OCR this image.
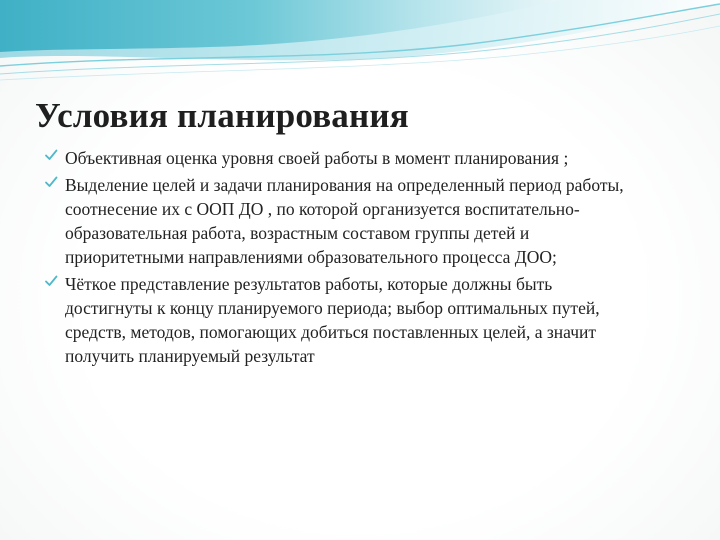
Условия планирования
Объективная оценка уровня своей работы в момент планирования ;
Выделение целей и задачи планирования на определенный период работы, соотнесение их с ООП ДО , по которой организуется воспитательно- образовательная работа, возрастным составом группы детей и приоритетными направлениями образовательного процесса ДОО;
Чёткое представление результатов работы, которые должны быть достигнуты к концу планируемого периода; выбор оптимальных путей, средств, методов, помогающих добиться поставленных целей, а значит получить планируемый результат
